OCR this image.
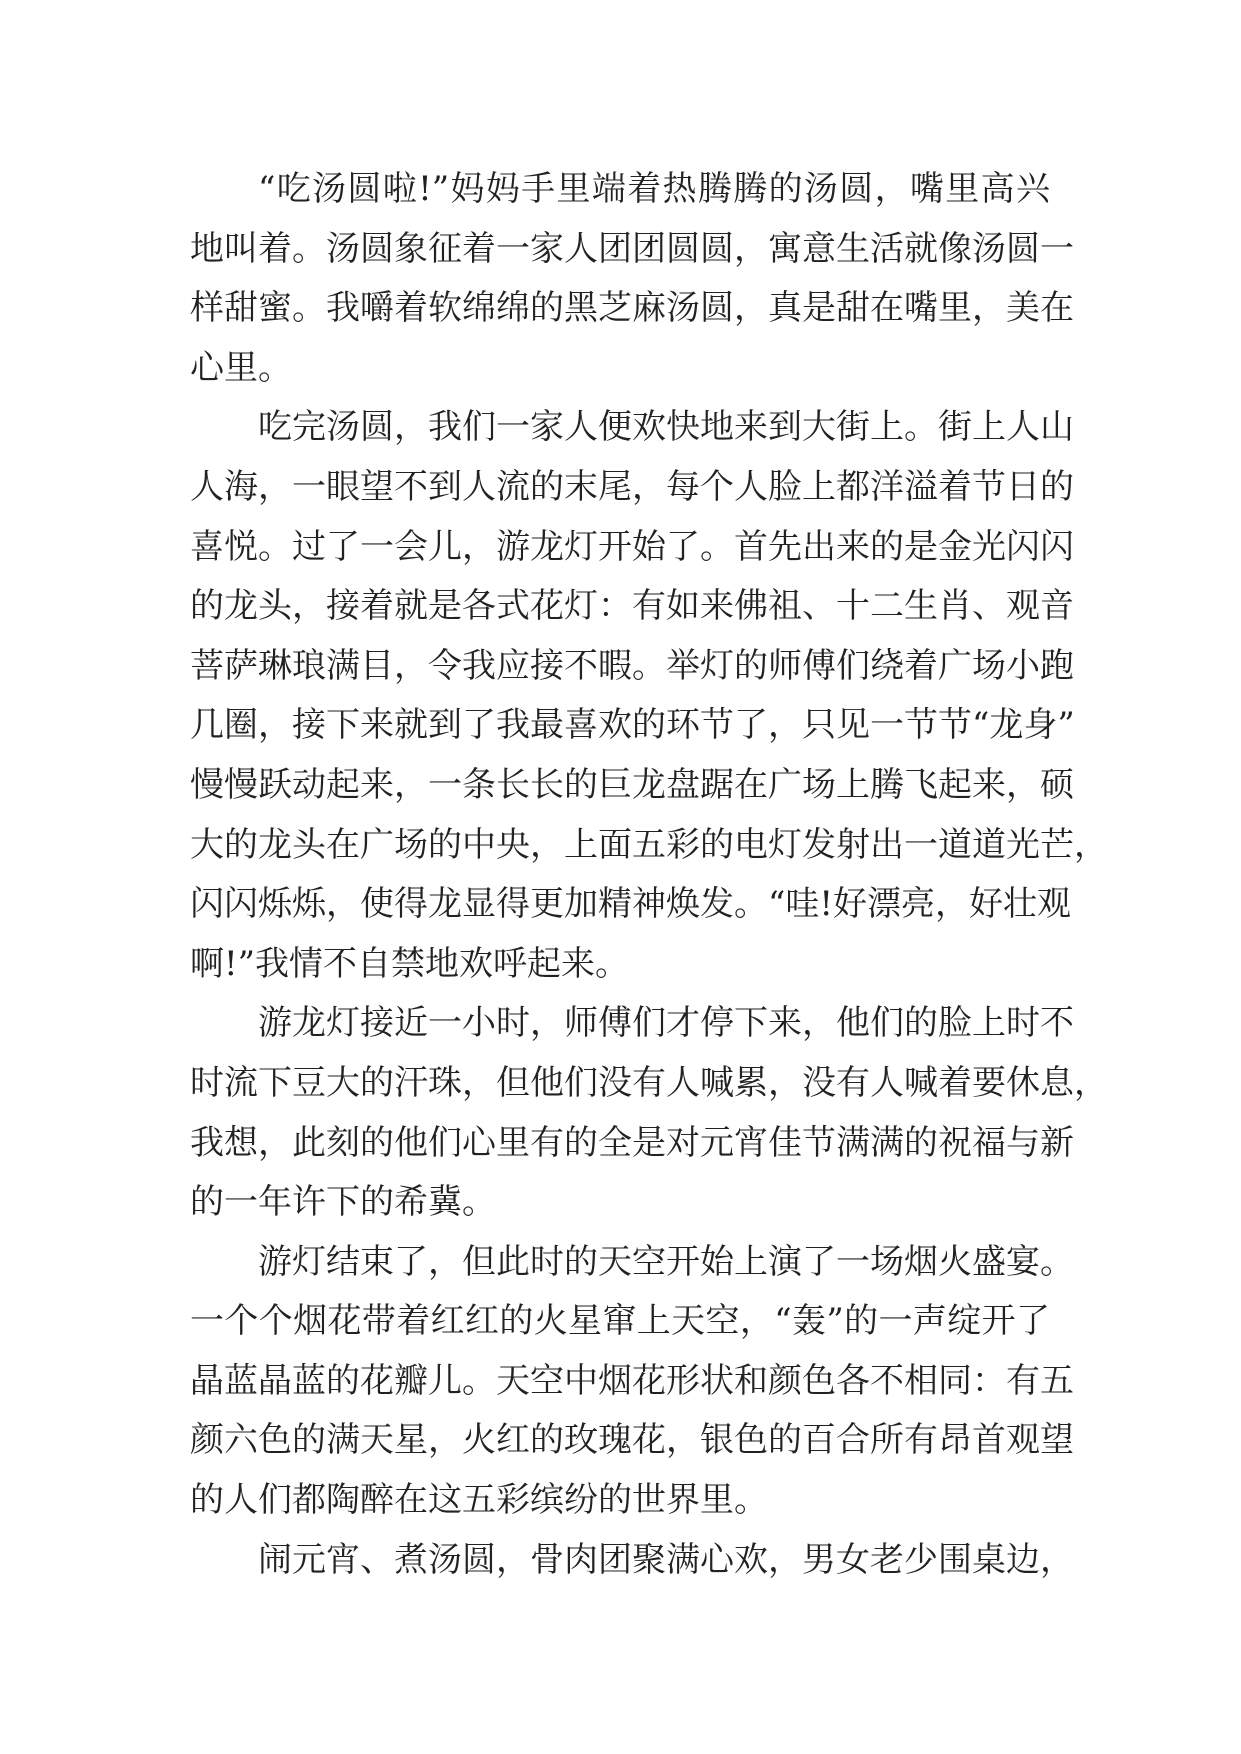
“吃汤圆啦!”妈妈手里端着热腾腾的汤圆，嘴里高兴
地叫着。汤圆象征着一家人团团圆圆，寓意生活就像汤圆一
样甜蜜。我嚼着软绵绵的黑芝麻汤圆，真是甜在嘴里，美在
心里。
吃完汤圆，我们一家人便欢快地来到大街上。街上人山
人海，一眼望不到人流的末尾，每个人脸上都洋溢着节日的
喜悦。过了一会儿，游龙灯开始了。首先出来的是金光闪闪
的龙头，接着就是各式花灯：有如来佛祖、十二生肖、观音
菩萨琳琅满目，令我应接不暇。举灯的师傅们绕着广场小跑
几圈，接下来就到了我最喜欢的环节了，只见一节节“龙身”
慢慢跃动起来，一条长长的巨龙盘踞在广场上腾飞起来，硕
大的龙头在广场的中央，上面五彩的电灯发射出一道道光芒，
闪闪烁烁，使得龙显得更加精神焕发。“哇!好漂亮，好壮观
啊!”我情不自禁地欢呼起来。
游龙灯接近一小时，师傅们才停下来，他们的脸上时不
时流下豆大的汗珠，但他们没有人喊累，没有人喊着要休息，
我想，此刻的他们心里有的全是对元宵佳节满满的祝福与新
的一年许下的希冀。
游灯结束了，但此时的天空开始上演了一场烟火盛宴。
一个个烟花带着红红的火星窜上天空，“轰”的一声绽开了
晶蓝晶蓝的花瓣儿。天空中烟花形状和颜色各不相同：有五
颜六色的满天星，火红的玫瑰花，银色的百合所有昂首观望
的人们都陶醉在这五彩缤纷的世界里。
闹元宵、煮汤圆，骨肉团聚满心欢，男女老少围桌边，
